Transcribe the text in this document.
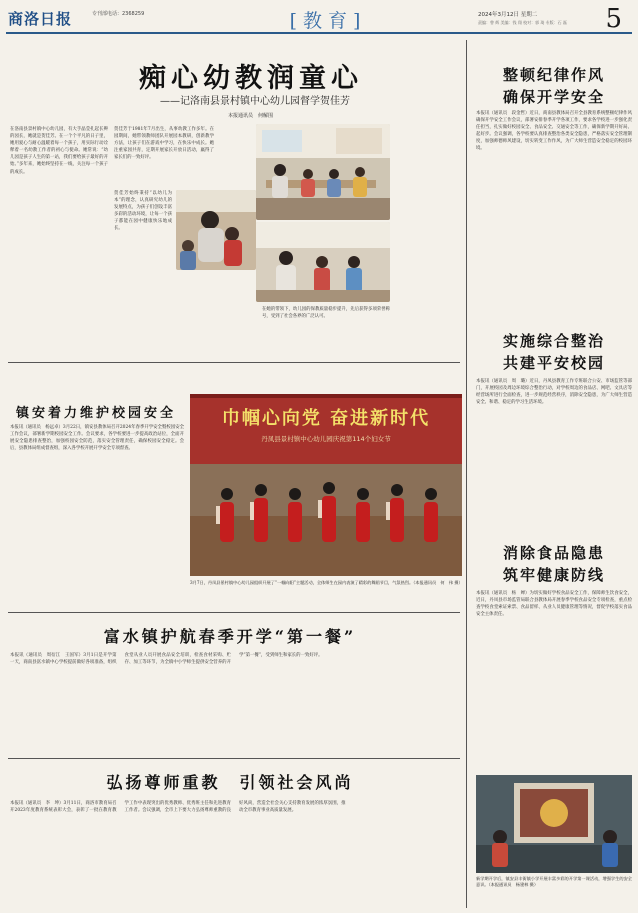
商洛日报	专刊部电话：2368259	[教育]	2024年3月12日 星期二
责编：曾 辉 美编：钱 翔 校对：郭 琦 专版：石 磊 5
痴心幼教润童心
——记洛南县景村镇中心幼儿园督学贺佳芳
本报通讯员　何解围
在洛南县景村镇中心幼儿园，有大手晶莹扎起长辫的园长，她就是贺佳芳。在一个个平凡的日子里，她用爱心与耐心温暖着每一个孩子，用实际行动诠释着一名幼教工作者的初心与使命。她常说：“幼儿园是孩子人生的第一站，我们要给孩子最好的开始。”多年来，她始终坚持在一线，关注每一个孩子的成长。
贺佳芳于1981年7月出生，从事幼教工作多年。在园期间，她带领教师团队开展园本教研，创新教学方法，让孩子们在游戏中学习，在快乐中成长。她注重家园共育，定期开展家长开放日活动，赢得了家长们的一致好评。
贺佳芳始终秉持“以幼儿为本”的理念，认真研究幼儿的发展特点，为孩子们创设丰富多彩的活动环境，让每一个孩子都能在园中健康快乐地成长。
在她的带领下，幼儿园的保教质量稳步提升，先后获得多项荣誉称号，受到了社会各界的广泛认可。
整顿纪律作风
确保开学安全
本报讯（通讯员　段金哲）近日，商南县教体局召开全县教育系统整顿纪律作风确保开学安全工作会议，部署安排春季开学各项工作，要求各学校进一步强化责任担当，扎实做好校园安全、食品安全、交通安全等工作，确保新学期开好局、起好步。会议强调，各学校要认真排查整治各类安全隐患，严格落实安全管理制度，加强师德师风建设，切实转变工作作风，为广大师生营造安全稳定的校园环境。
实施综合整治
共建平安校园
本报讯（通讯员　周　璐）近日，丹凤县教育工作专班联合公安、市场监管等部门，开展校园及周边环境综合整治行动，对学校周边的食品店、网吧、文具店等经营场所进行全面检查，进一步规范经营秩序，消除安全隐患，为广大师生营造安全、和谐、稳定的学习生活环境。
消除食品隐患
筑牢健康防线
本报讯（通讯员　杨　婵）为切实做好学校食品安全工作，保障师生饮食安全，近日，丹凤县市场监管局联合县教体局开展春季学校食品安全专项检查，重点检查学校食堂索证索票、食品留样、从业人员健康管理等情况，督促学校落实食品安全主体责任。
镇安着力维护校园安全
本报讯（通讯员　杨远卓）3月22日，镇安县教体局召开2024年春季开学安全暨校园安全工作会议，部署新学期校园安全工作。会议要求，各学校要进一步提高政治站位，全面开展安全隐患排查整治，加强校园安全防范，落实安全管理责任，确保校园安全稳定。会后，县教体局组成督查组，深入各学校开展开学安全专项督查。
巾帼心向党 奋进新时代
丹凤县景村镇中心幼儿园庆祝第114个妇女节
3月7日，丹凤县景村镇中心幼儿园组织开展了“一帼向阳”主题活动，全体师生在园内表演了精彩的舞蹈节目，气氛热烈。（本报通讯员　何　伟 摄）
富水镇护航春季开学“第一餐”
本报讯（通讯员　周衍江　王国军）3月1日是开学第一天，商南县富水镇中心学校提前做好各项准备，组织食堂从业人员开展食品安全培训，检查食材采购、贮存、加工等环节，为全镇中小学师生提供安全营养的开学“第一餐”，受到师生和家长的一致好评。
弘扬尊师重教　引领社会风尚
本报讯（通讯员　李　坤）3月11日，商洛市教育局召开2023年度教育系统表彰大会，表彰了一批在教育教学工作中表现突出的优秀教师、优秀班主任和先进教育工作者。会议强调，全市上下要大力弘扬尊师重教的良好风尚，营造全社会关心支持教育发展的浓厚氛围，推动全市教育事业高质量发展。
新学期开学后，镇安县丰街镇小学开展丰富多彩的开学第一课活动，增强学生的安全意识。（本报通讯员　杨建林 摄）
